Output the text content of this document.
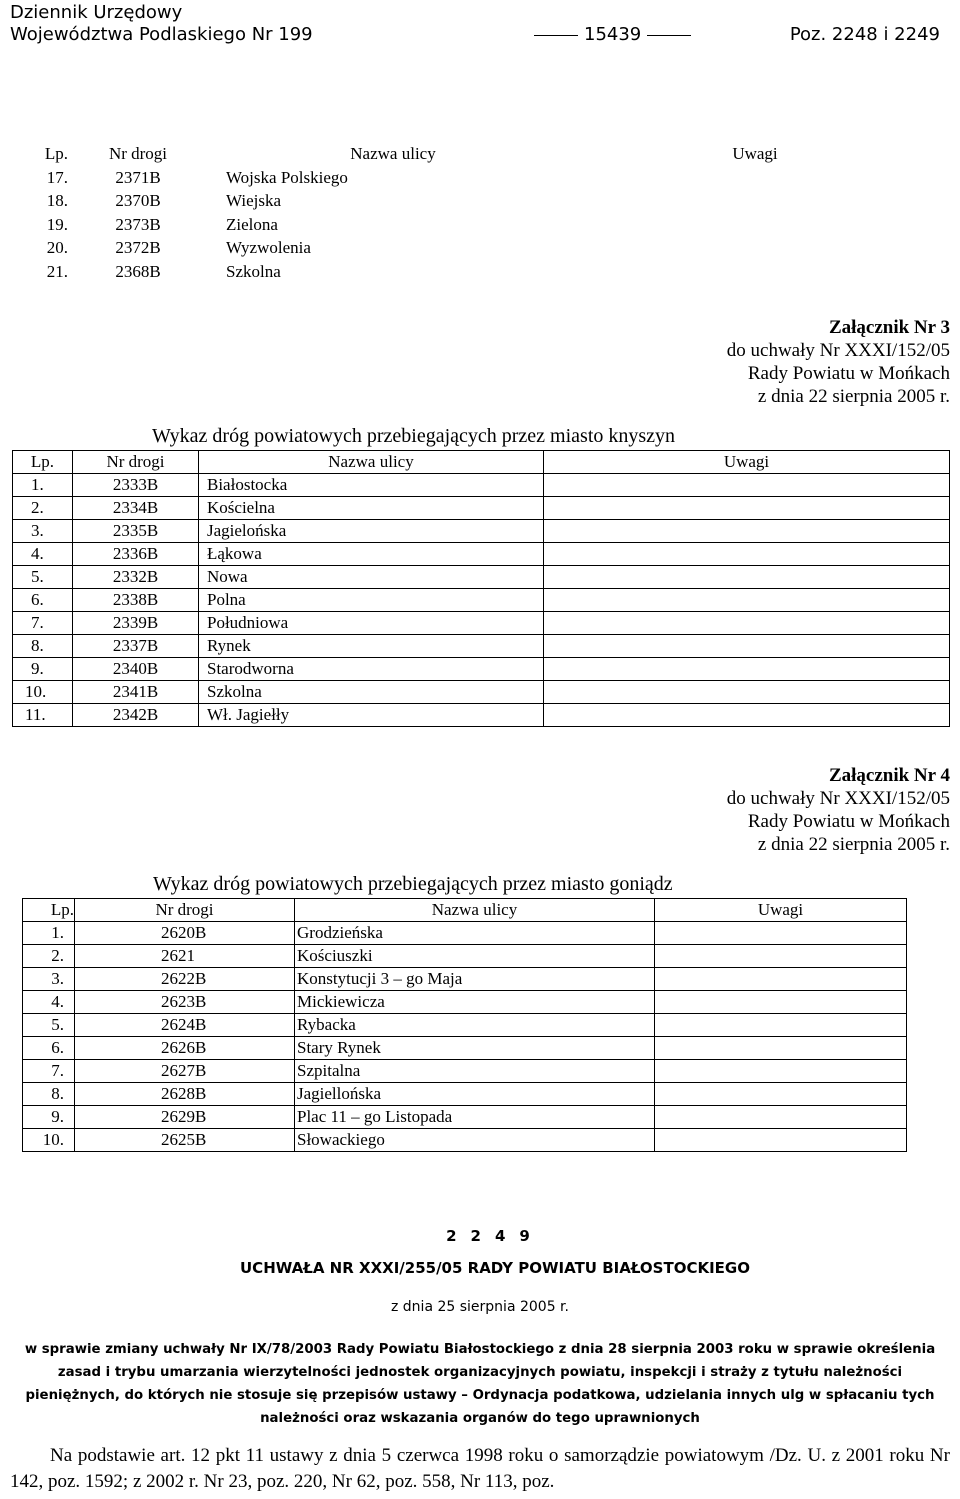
Dziennik Urzędowy
Województwa Podlaskiego Nr 199	15439	Poz. 2248 i 2249
Lp.	Nr drogi	Nazwa ulicy	Uwagi
17.	2371B	Wojska Polskiego	
18.	2370B	Wiejska	
19.	2373B	Zielona	
20.	2372B	Wyzwolenia	
21.	2368B	Szkolna	
Załącznik Nr 3
do uchwały Nr XXXI/152/05
Rady Powiatu w Mońkach
z dnia 22 sierpnia 2005 r.
Wykaz dróg powiatowych przebiegających przez miasto knyszyn
Lp.	Nr drogi	Nazwa ulicy	Uwagi
1.	2333B	Białostocka	
2.	2334B	Kościelna	
3.	2335B	Jagielońska	
4.	2336B	Łąkowa	
5.	2332B	Nowa	
6.	2338B	Polna	
7.	2339B	Południowa	
8.	2337B	Rynek	
9.	2340B	Starodworna	
10.	2341B	Szkolna	
11.	2342B	Wł. Jagiełły	
Załącznik Nr 4
do uchwały Nr XXXI/152/05
Rady Powiatu w Mońkach
z dnia 22 sierpnia 2005 r.
Wykaz dróg powiatowych przebiegających przez miasto goniądz
Lp.	Nr drogi	Nazwa ulicy	Uwagi
1.	2620B	Grodzieńska	
2.	2621	Kościuszki	
3.	2622B	Konstytucji 3 – go Maja	
4.	2623B	Mickiewicza	
5.	2624B	Rybacka	
6.	2626B	Stary Rynek	
7.	2627B	Szpitalna	
8.	2628B	Jagiellońska	
9.	2629B	Plac 11 – go Listopada	
10.	2625B	Słowackiego	
2249
UCHWAŁA NR XXXI/255/05 RADY POWIATU BIAŁOSTOCKIEGO
z dnia 25 sierpnia 2005 r.
w sprawie zmiany uchwały Nr IX/78/2003 Rady Powiatu Białostockiego z dnia 28 sierpnia 2003 roku w sprawie określenia zasad i trybu umarzania wierzytelności jednostek organizacyjnych powiatu, inspekcji i straży z tytułu należności pieniężnych, do których nie stosuje się przepisów ustawy – Ordynacja podatkowa, udzielania innych ulg w spłacaniu tych należności oraz wskazania organów do tego uprawnionych

Na podstawie art. 12 pkt 11 ustawy z dnia 5 czerwca 1998 roku o samorządzie powiatowym /Dz. U. z 2001 roku Nr 142, poz. 1592; z 2002 r. Nr 23, poz. 220, Nr 62, poz. 558, Nr 113, poz.
